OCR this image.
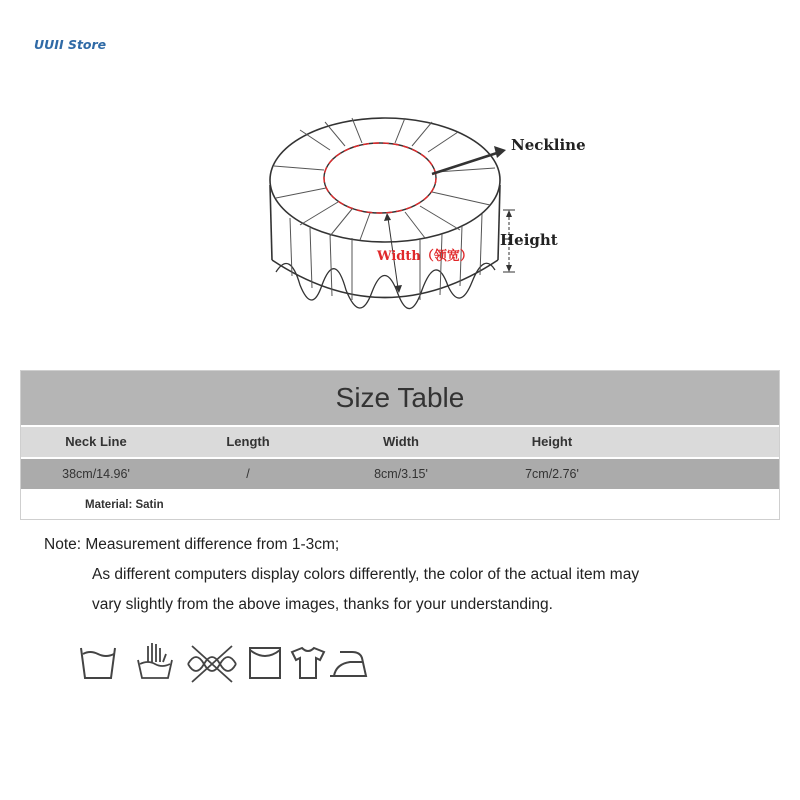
UUII Store
Neckline
Height
Width（领宽）
Size Table
Neck Line	Length	Width	Height
38cm/14.96'	/	8cm/3.15'	7cm/2.76'
Material: Satin
Note: Measurement difference from 1-3cm;
As different computers display colors differently, the color of the actual item may
vary slightly from the above images, thanks for your understanding.
